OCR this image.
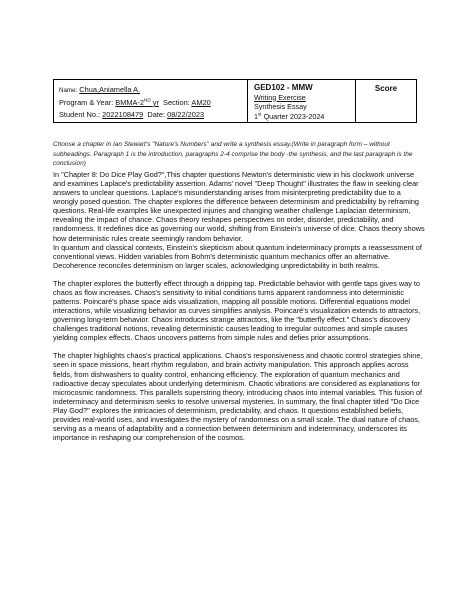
Name: Chua,Aniamella A.
Program & Year: BMMA-2ND yr Section: AM20
Student No.: 2022108479 Date: 08/22/2023
GED102 - MMW
Writing Exercise
Synthesis Essay
1st Quarter 2023-2024
Score
Choose a chapter in Ian Stewart's "Nature's Numbers" and write a synthesis essay.(Write in paragraph form – without subheadings. Paragraph 1 is the introduction, paragraphs 2-4 comprise the body -the synthesis, and the last paragraph is the conclusion)

In "Chapter 8: Do Dice Play God?",This chapter questions Newton's deterministic view in his clockwork universe and examines Laplace's predictability assertion. Adams' novel "Deep Thought" illustrates the flaw in seeking clear answers to unclear questions. Laplace's misunderstanding arises from misinterpreting predictability due to a wrongly posed question. The chapter explores the difference between determinism and predictability by reframing questions. Real-life examples like unexpected injuries and changing weather challenge Laplacian determinism, revealing the impact of chance. Chaos theory reshapes perspectives on order, disorder, predictability, and randomness. It redefines dice as governing our world, shifting from Einstein's universe of dice. Chaos theory shows how deterministic rules create seemingly random behavior.

In quantum and classical contexts, Einstein's skepticism about quantum indeterminacy prompts a reassessment of conventional views. Hidden variables from Bohm's deterministic quantum mechanics offer an alternative. Decoherence reconciles determinism on larger scales, acknowledging unpredictability in both realms.

The chapter explores the butterfly effect through a dripping tap. Predictable behavior with gentle taps gives way to chaos as flow increases. Chaos's sensitivity to initial conditions turns apparent randomness into deterministic patterns. Poincaré's phase space aids visualization, mapping all possible motions. Differential equations model interactions, while visualizing behavior as curves simplifies analysis. Poincaré's visualization extends to attractors, governing long-term behavior. Chaos introduces strange attractors, like the "butterfly effect." Chaos's discovery challenges traditional notions, revealing deterministic causes leading to irregular outcomes and simple causes yielding complex effects. Chaos uncovers patterns from simple rules and defies prior assumptions.

The chapter highlights chaos's practical applications. Chaos's responsiveness and chaotic control strategies shine, seen in space missions, heart rhythm regulation, and brain activity manipulation. This approach applies across fields, from dishwashers to quality control, enhancing efficiency. The exploration of quantum mechanics and radioactive decay speculates about underlying determinism. Chaotic vibrations are considered as explanations for microcosmic randomness. This parallels superstring theory, introducing chaos into internal variables. This fusion of indeterminacy and determinism seeks to resolve universal mysteries. In summary, the final chapter titled "Do Dice Play God?" explores the intricacies of determinism, predictability, and chaos. It questions established beliefs, provides real-world uses, and investigates the mystery of randomness on a small scale. The dual nature of chaos, serving as a means of adaptability and a connection between determinism and indeterminacy, underscores its importance in reshaping our comprehension of the cosmos.
